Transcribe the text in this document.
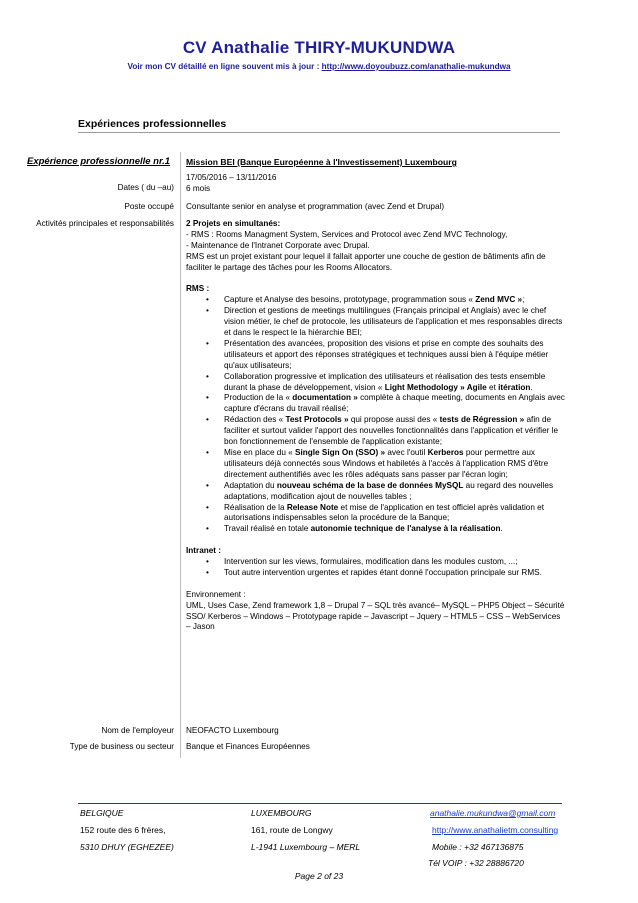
CV Anathalie THIRY-MUKUNDWA
Voir mon CV détaillé en ligne souvent mis à jour : http://www.doyoubuzz.com/anathalie-mukundwa
Expériences professionnelles
Expérience professionnelle nr.1 Mission BEI (Banque Européenne à l'Investissement) Luxembourg
Dates ( du –au)
17/05/2016 – 13/11/2016
6 mois
Poste occupé Consultante senior en analyse et programmation (avec Zend et Drupal)
Activités principales et responsabilités 2 Projets en simultanés:

- RMS : Rooms Managment System, Services and Protocol avec Zend MVC Technology,

- Maintenance de l'Intranet Corporate avec Drupal.

RMS est un projet existant pour lequel il fallait apporter une couche de gestion de bâtiments afin de faciliter le partage des tâches pour les Rooms Allocators.

RMS :

• Capture et Analyse des besoins, prototypage, programmation sous « Zend MVC »;
• Direction et gestions de meetings multilingues (Français principal et Anglais) avec le chef vision métier, le chef de protocole, les utilisateurs de l'application et mes responsables directs et dans le respect le la hiérarchie BEI;
• Présentation des avancées, proposition des visions et prise en compte des souhaits des utilisateurs et apport des réponses stratégiques et techniques aussi bien à l'équipe métier qu'aux utilisateurs;
• Collaboration progressive et implication des utilisateurs et réalisation des tests ensemble durant la phase de développement, vision « Light Methodology » Agile et itération.
• Production de la « documentation » complète à chaque meeting, documents en Anglais avec capture d'écrans du travail réalisé;
• Rédaction des « Test Protocols » qui propose aussi des « tests de Régression » afin de faciliter et surtout valider l'apport des nouvelles fonctionnalités dans l'application et vérifier le bon fonctionnement de l'ensemble de l'application existante;
• Mise en place du « Single Sign On (SSO) » avec l'outil Kerberos pour permettre aux utilisateurs déjà connectés sous Windows et habiletés à l'accès à l'application RMS d'être directement authentifiés avec les rôles adéquats sans passer par l'écran login;
• Adaptation du nouveau schéma de la base de données MySQL au regard des nouvelles adaptations, modification ajout de nouvelles tables ;
• Réalisation de la Release Note et mise de l'application en test officiel après validation et autorisations indispensables selon la procédure de la Banque;
• Travail réalisé en totale autonomie technique de l'analyse à la réalisation.

Intranet :

• Intervention sur les views, formulaires, modification dans les modules custom, ...;
• Tout autre intervention urgentes et rapides étant donné l'occupation principale sur RMS.

Environnement :

UML, Uses Case, Zend framework 1,8 – Drupal 7 – SQL très avancé– MySQL – PHP5 Object – Sécurité SSO/ Kerberos – Windows – Prototypage rapide – Javascript – Jquery – HTML5 – CSS – WebServices – Jason

Nom de l'employeur NEOFACTO Luxembourg
Type de business ou secteur Banque et Finances Européennes
BELGIQUE
152 route des 6 frères,
5310 DHUY (EGHEZEE)
LUXEMBOURG
161, route de Longwy
L-1941 Luxembourg – MERL
anathalie.mukundwa@gmail.com
http://www.anathalietm.consulting
Mobile : +32 467136875
Tél VOIP : +32 28886720
Page 2 of 23
